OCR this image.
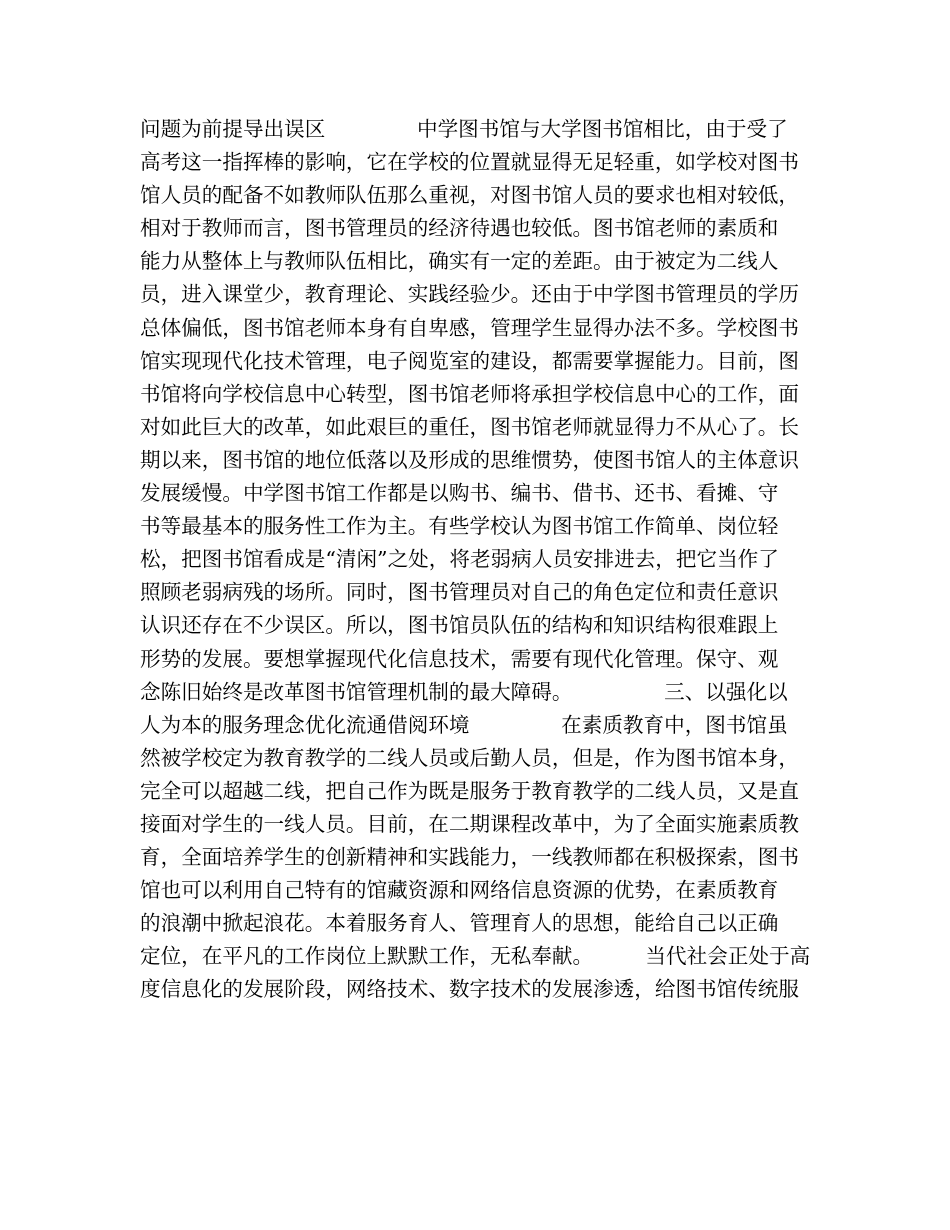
问题为前提导出误区              中学图书馆与大学图书馆相比，由于受了
高考这一指挥棒的影响，它在学校的位置就显得无足轻重，如学校对图书
馆人员的配备不如教师队伍那么重视，对图书馆人员的要求也相对较低，
相对于教师而言，图书管理员的经济待遇也较低。图书馆老师的素质和
能力从整体上与教师队伍相比，确实有一定的差距。由于被定为二线人
员，进入课堂少，教育理论、实践经验少。还由于中学图书管理员的学历
总体偏低，图书馆老师本身有自卑感，管理学生显得办法不多。学校图书
馆实现现代化技术管理，电子阅览室的建设，都需要掌握能力。目前，图
书馆将向学校信息中心转型，图书馆老师将承担学校信息中心的工作，面
对如此巨大的改革，如此艰巨的重任，图书馆老师就显得力不从心了。长
期以来，图书馆的地位低落以及形成的思维惯势，使图书馆人的主体意识
发展缓慢。中学图书馆工作都是以购书、编书、借书、还书、看摊、守
书等最基本的服务性工作为主。有些学校认为图书馆工作简单、岗位轻
松，把图书馆看成是“清闲”之处，将老弱病人员安排进去，把它当作了
照顾老弱病残的场所。同时，图书管理员对自己的角色定位和责任意识
认识还存在不少误区。所以，图书馆员队伍的结构和知识结构很难跟上
形势的发展。要想掌握现代化信息技术，需要有现代化管理。保守、观
念陈旧始终是改革图书馆管理机制的最大障碍。              三、以强化以
人为本的服务理念优化流通借阅环境              在素质教育中，图书馆虽
然被学校定为教育教学的二线人员或后勤人员，但是，作为图书馆本身，
完全可以超越二线，把自己作为既是服务于教育教学的二线人员，又是直
接面对学生的一线人员。目前，在二期课程改革中，为了全面实施素质教
育，全面培养学生的创新精神和实践能力，一线教师都在积极探索，图书
馆也可以利用自己特有的馆藏资源和网络信息资源的优势，在素质教育
的浪潮中掀起浪花。本着服务育人、管理育人的思想，能给自己以正确
定位，在平凡的工作岗位上默默工作，无私奉献。        当代社会正处于高
度信息化的发展阶段，网络技术、数字技术的发展渗透，给图书馆传统服
